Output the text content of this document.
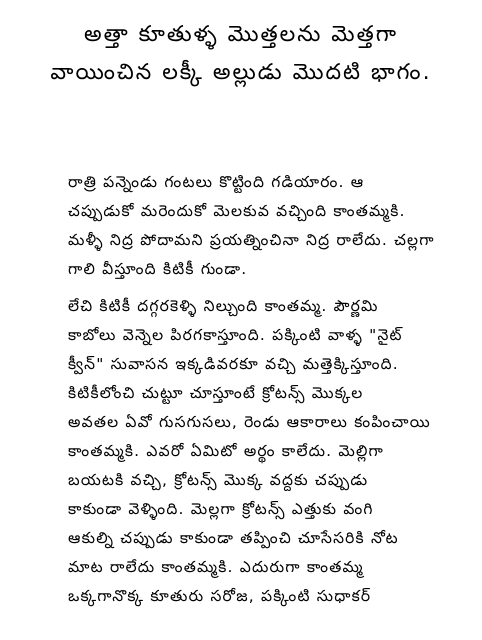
అత్తా కూతుళ్ళ మొత్తలను మెత్తగా
వాయించిన లక్కీ అల్లుడు మొదటి భాగం.
రాత్రి పన్నెండు గంటలు కొట్టింది గడియారం. ఆ
చప్పుడుకో మరెందుకో మెలకువ వచ్చింది కాంతమ్మకి.
మళ్ళీ నిద్ర పోదామని ప్రయత్నించినా నిద్ర రాలేదు. చల్లగా
గాలి వీస్తూంది కిటికీ గుండా.
లేచి కిటికీ దగ్గరకెళ్ళి నిల్చుంది కాంతమ్మ. పౌర్ణమి
కాబోలు వెన్నెల పిరగకాస్తూంది. పక్కింటి వాళ్ళ "నైట్
క్వీన్" సువాసన ఇక్కడివరకూ వచ్చి మత్తెక్కిస్తూంది.
కిటికీలోంచి చుట్టూ చూస్తూంటే క్రోటన్స్ మొక్కల
అవతల ఏవో గుసగుసలు, రెండు ఆకారాలు కంపించాయి
కాంతమ్మకి. ఎవరో ఏమిటో అర్థం కాలేదు. మెల్లిగా
బయటకి వచ్చి, క్రోటన్స్ మొక్క వద్దకు చప్పుడు
కాకుండా వెళ్ళింది. మెల్లగా క్రోటన్స్ ఎత్తుకు వంగి
ఆకుల్ని చప్పుడు కాకుండా తప్పించి చూసేసరికి నోట
మాట రాలేదు కాంతమ్మకి. ఎదురుగా కాంతమ్మ
ఒక్కగానొక్క కూతురు సరోజ, పక్కింటి సుధాకర్
